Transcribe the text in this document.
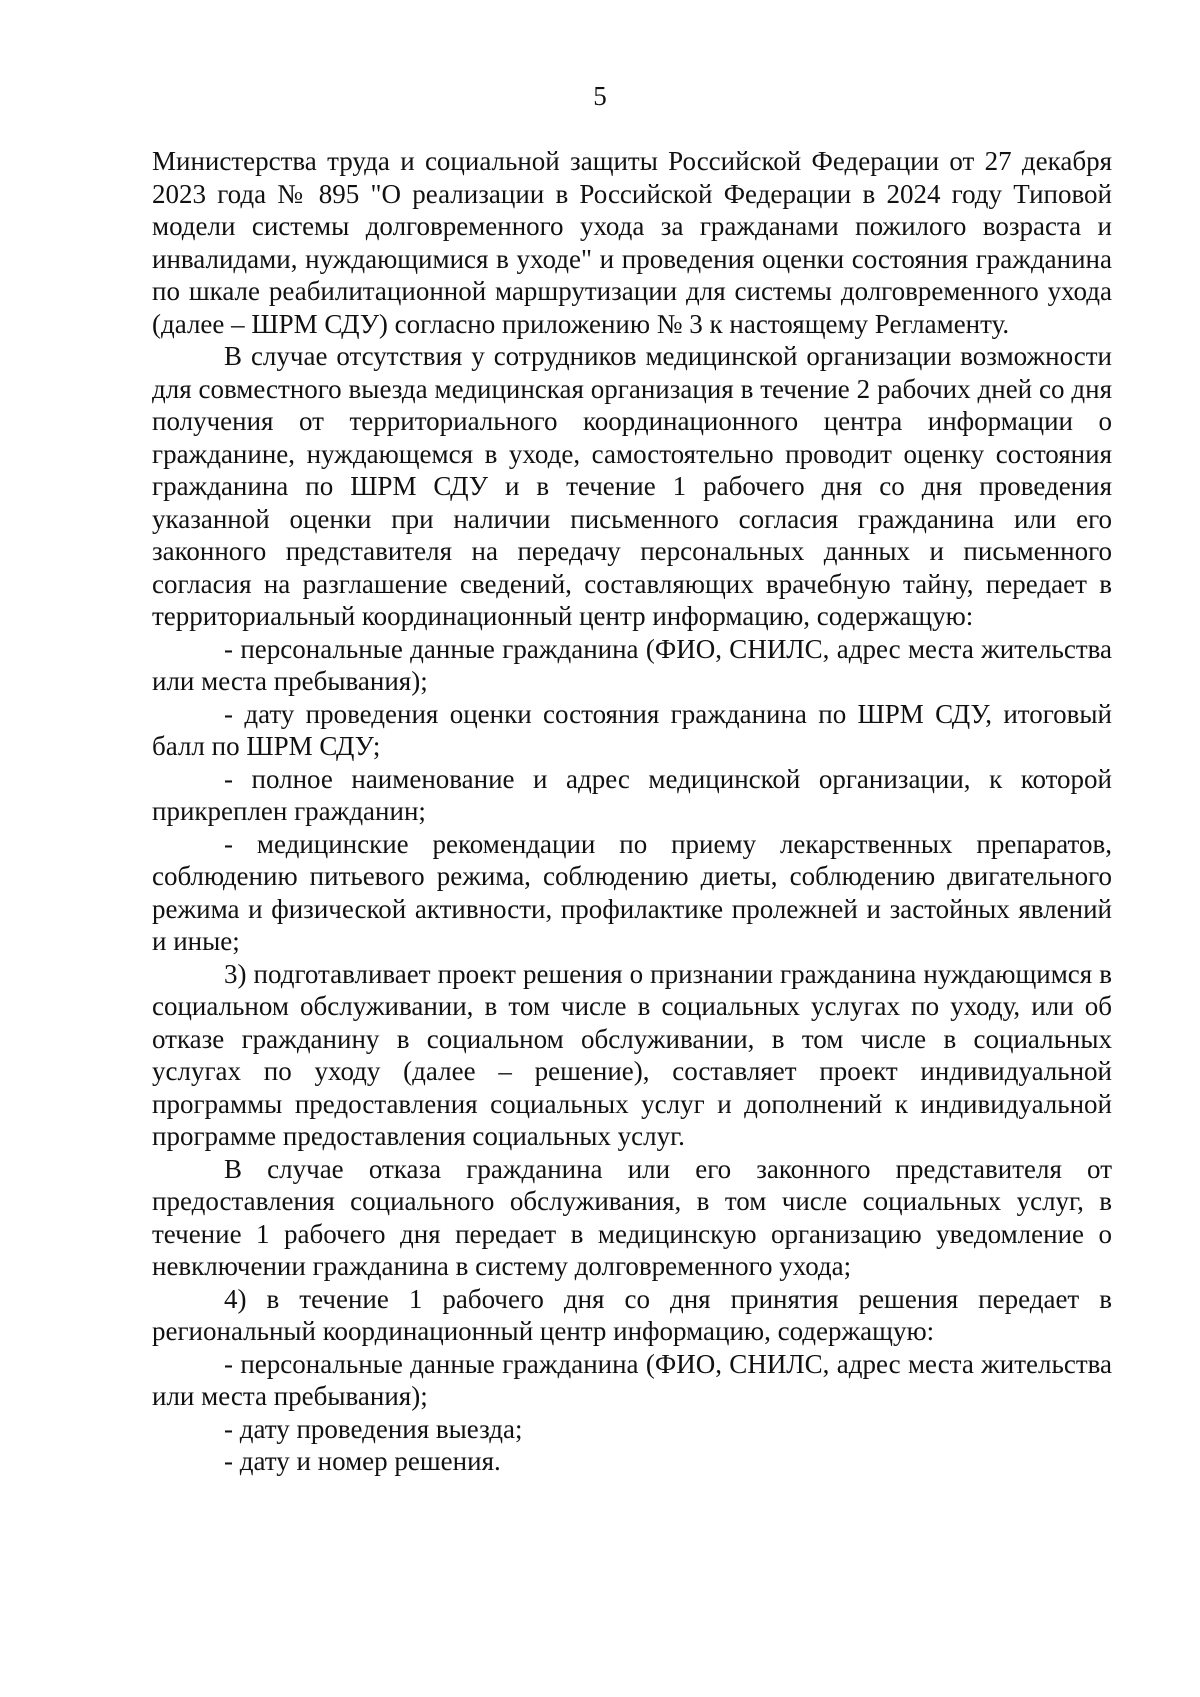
5

Министерства труда и социальной защиты Российской Федерации от 27 декабря 2023 года № 895 "О реализации в Российской Федерации в 2024 году Типовой модели системы долговременного ухода за гражданами пожилого возраста и инвалидами, нуждающимися в уходе" и проведения оценки состояния гражданина по шкале реабилитационной маршрутизации для системы долговременного ухода (далее – ШРМ СДУ) согласно приложению № 3 к настоящему Регламенту.

В случае отсутствия у сотрудников медицинской организации возможности для совместного выезда медицинская организация в течение 2 рабочих дней со дня получения от территориального координационного центра информации о гражданине, нуждающемся в уходе, самостоятельно проводит оценку состояния гражданина по ШРМ СДУ и в течение 1 рабочего дня со дня проведения указанной оценки при наличии письменного согласия гражданина или его законного представителя на передачу персональных данных и письменного согласия на разглашение сведений, составляющих врачебную тайну, передает в территориальный координационный центр информацию, содержащую:

- персональные данные гражданина (ФИО, СНИЛС, адрес места жительства или места пребывания);

- дату проведения оценки состояния гражданина по ШРМ СДУ, итоговый балл по ШРМ СДУ;

- полное наименование и адрес медицинской организации, к которой прикреплен гражданин;

- медицинские рекомендации по приему лекарственных препаратов, соблюдению питьевого режима, соблюдению диеты, соблюдению двигательного режима и физической активности, профилактике пролежней и застойных явлений и иные;

3) подготавливает проект решения о признании гражданина нуждающимся в социальном обслуживании, в том числе в социальных услугах по уходу, или об отказе гражданину в социальном обслуживании, в том числе в социальных услугах по уходу (далее – решение), составляет проект индивидуальной программы предоставления социальных услуг и дополнений к индивидуальной программе предоставления социальных услуг.

В случае отказа гражданина или его законного представителя от предоставления социального обслуживания, в том числе социальных услуг, в течение 1 рабочего дня передает в медицинскую организацию уведомление о невключении гражданина в систему долговременного ухода;

4) в течение 1 рабочего дня со дня принятия решения передает в региональный координационный центр информацию, содержащую:

- персональные данные гражданина (ФИО, СНИЛС, адрес места жительства или места пребывания);

- дату проведения выезда;

- дату и номер решения.
